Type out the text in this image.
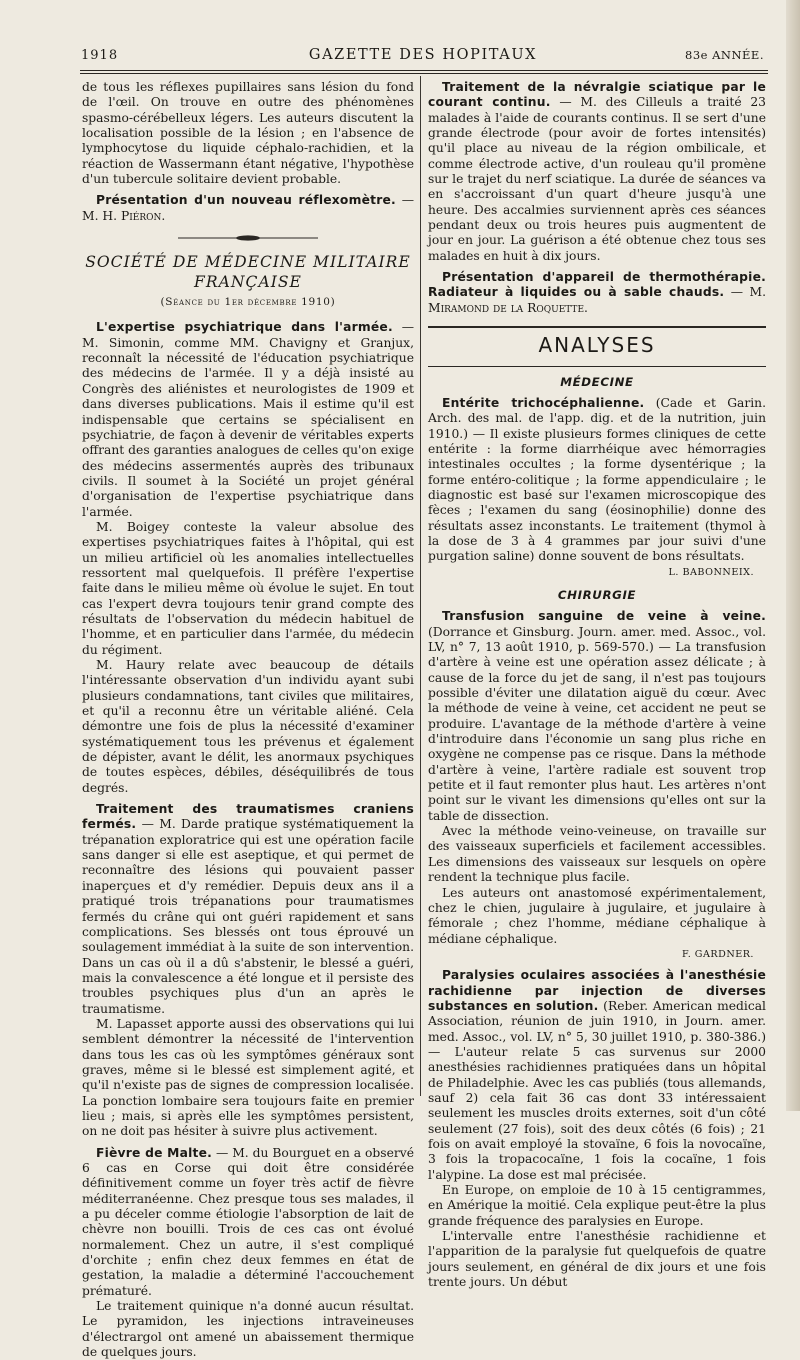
1918	GAZETTE DES HOPITAUX	83e ANNÉE.

de tous les réflexes pupillaires sans lésion du fond de l'œil. On trouve en outre des phénomènes spasmo-cérébelleux légers. Les auteurs discutent la localisation possible de la lésion ; en l'absence de lymphocytose du liquide céphalo-rachidien, et la réaction de Wassermann étant négative, l'hypothèse d'un tubercule solitaire devient probable.

Présentation d'un nouveau réflexomètre. — M. H. Piéron.

SOCIÉTÉ DE MÉDECINE MILITAIRE FRANÇAISE
(Séance du 1er décembre 1910)

L'expertise psychiatrique dans l'armée. — M. Simonin, comme MM. Chavigny et Granjux, reconnaît la nécessité de l'éducation psychiatrique des médecins de l'armée. Il y a déjà insisté au Congrès des aliénistes et neurologistes de 1909 et dans diverses publications. Mais il estime qu'il est indispensable que certains se spécialisent en psychiatrie, de façon à devenir de véritables experts offrant des garanties analogues de celles qu'on exige des médecins assermentés auprès des tribunaux civils. Il soumet à la Société un projet général d'organisation de l'expertise psychiatrique dans l'armée.

M. Boigey conteste la valeur absolue des expertises psychiatriques faites à l'hôpital, qui est un milieu artificiel où les anomalies intellectuelles ressortent mal quelquefois. Il préfère l'expertise faite dans le milieu même où évolue le sujet. En tout cas l'expert devra toujours tenir grand compte des résultats de l'observation du médecin habituel de l'homme, et en particulier dans l'armée, du médecin du régiment.

M. Haury relate avec beaucoup de détails l'intéressante observation d'un individu ayant subi plusieurs condamnations, tant civiles que militaires, et qu'il a reconnu être un véritable aliéné. Cela démontre une fois de plus la nécessité d'examiner systématiquement tous les prévenus et également de dépister, avant le délit, les anormaux psychiques de toutes espèces, débiles, déséquilibrés de tous degrés.

Traitement des traumatismes craniens fermés. — M. Darde pratique systématiquement la trépanation exploratrice qui est une opération facile sans danger si elle est aseptique, et qui permet de reconnaître des lésions qui pouvaient passer inaperçues et d'y remédier. Depuis deux ans il a pratiqué trois trépanations pour traumatismes fermés du crâne qui ont guéri rapidement et sans complications. Ses blessés ont tous éprouvé un soulagement immédiat à la suite de son intervention. Dans un cas où il a dû s'abstenir, le blessé a guéri, mais la convalescence a été longue et il persiste des troubles psychiques plus d'un an après le traumatisme.

M. Lapasset apporte aussi des observations qui lui semblent démontrer la nécessité de l'intervention dans tous les cas où les symptômes généraux sont graves, même si le blessé est simplement agité, et qu'il n'existe pas de signes de compression localisée. La ponction lombaire sera toujours faite en premier lieu ; mais, si après elle les symptômes persistent, on ne doit pas hésiter à suivre plus activement.

Fièvre de Malte. — M. du Bourguet en a observé 6 cas en Corse qui doit être considérée définitivement comme un foyer très actif de fièvre méditerranéenne. Chez presque tous ses malades, il a pu déceler comme étiologie l'absorption de lait de chèvre non bouilli. Trois de ces cas ont évolué normalement. Chez un autre, il s'est compliqué d'orchite ; enfin chez deux femmes en état de gestation, la maladie a déterminé l'accouchement prématuré.

Le traitement quinique n'a donné aucun résultat. Le pyramidon, les injections intraveineuses d'électrargol ont amené un abaissement thermique de quelques jours.

Traitement de la névralgie sciatique par le courant continu. — M. des Cilleuls a traité 23 malades à l'aide de courants continus. Il se sert d'une grande électrode (pour avoir de fortes intensités) qu'il place au niveau de la région ombilicale, et comme électrode active, d'un rouleau qu'il promène sur le trajet du nerf sciatique. La durée de séances va en s'accroissant d'un quart d'heure jusqu'à une heure. Des accalmies surviennent après ces séances pendant deux ou trois heures puis augmentent de jour en jour. La guérison a été obtenue chez tous ses malades en huit à dix jours.

Présentation d'appareil de thermothérapie. Radiateur à liquides ou à sable chauds. — M. Miramond de la Roquette.

ANALYSES
MÉDECINE

Entérite trichocéphalienne. (Cade et Garin. Arch. des mal. de l'app. dig. et de la nutrition, juin 1910.) — Il existe plusieurs formes cliniques de cette entérite : la forme diarrhéique avec hémorragies intestinales occultes ; la forme dysentérique ; la forme entéro-colitique ; la forme appendiculaire ; le diagnostic est basé sur l'examen microscopique des fèces ; l'examen du sang (éosinophilie) donne des résultats assez inconstants. Le traitement (thymol à la dose de 3 à 4 grammes par jour suivi d'une purgation saline) donne souvent de bons résultats.

L. BABONNEIX.
CHIRURGIE

Transfusion sanguine de veine à veine. (Dorrance et Ginsburg. Journ. amer. med. Assoc., vol. LV, n° 7, 13 août 1910, p. 569-570.) — La transfusion d'artère à veine est une opération assez délicate ; à cause de la force du jet de sang, il n'est pas toujours possible d'éviter une dilatation aiguë du cœur. Avec la méthode de veine à veine, cet accident ne peut se produire. L'avantage de la méthode d'artère à veine d'introduire dans l'économie un sang plus riche en oxygène ne compense pas ce risque. Dans la méthode d'artère à veine, l'artère radiale est souvent trop petite et il faut remonter plus haut. Les artères n'ont point sur le vivant les dimensions qu'elles ont sur la table de dissection.

Avec la méthode veino-veineuse, on travaille sur des vaisseaux superficiels et facilement accessibles. Les dimensions des vaisseaux sur lesquels on opère rendent la technique plus facile.

Les auteurs ont anastomosé expérimentalement, chez le chien, jugulaire à jugulaire, et jugulaire à fémorale ; chez l'homme, médiane céphalique à médiane céphalique.

F. GARDNER.

Paralysies oculaires associées à l'anesthésie rachidienne par injection de diverses substances en solution. (Reber. American medical Association, réunion de juin 1910, in Journ. amer. med. Assoc., vol. LV, n° 5, 30 juillet 1910, p. 380-386.) — L'auteur relate 5 cas survenus sur 2000 anesthésies rachidiennes pratiquées dans un hôpital de Philadelphie. Avec les cas publiés (tous allemands, sauf 2) cela fait 36 cas dont 33 intéressaient seulement les muscles droits externes, soit d'un côté seulement (27 fois), soit des deux côtés (6 fois) ; 21 fois on avait employé la stovaïne, 6 fois la novocaïne, 3 fois la tropacocaïne, 1 fois la cocaïne, 1 fois l'alypine. La dose est mal précisée.

En Europe, on emploie de 10 à 15 centigrammes, en Amérique la moitié. Cela explique peut-être la plus grande fréquence des paralysies en Europe.

L'intervalle entre l'anesthésie rachidienne et l'apparition de la paralysie fut quelquefois de quatre jours seulement, en général de dix jours et une fois trente jours. Un début
